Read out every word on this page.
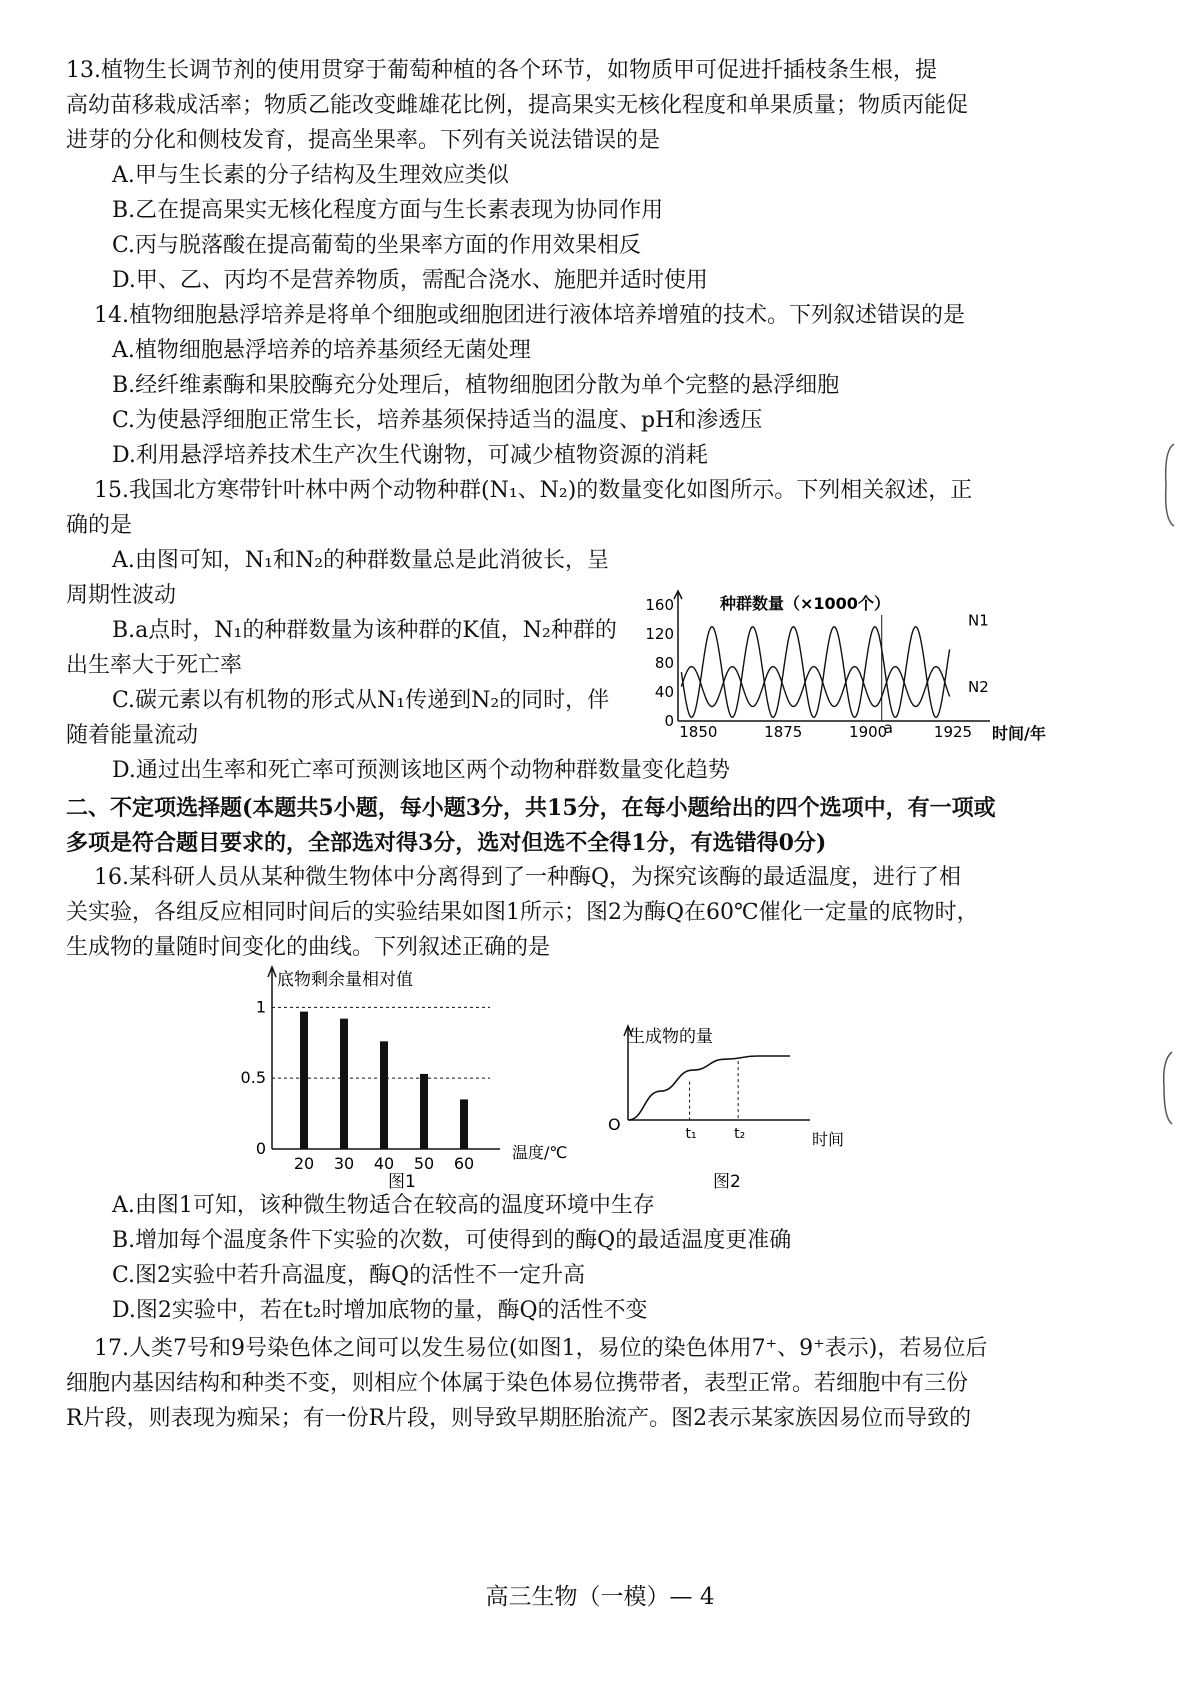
13.植物生长调节剂的使用贯穿于葡萄种植的各个环节，如物质甲可促进扦插枝条生根，提
高幼苗移栽成活率；物质乙能改变雌雄花比例，提高果实无核化程度和单果质量；物质丙能促
进芽的分化和侧枝发育，提高坐果率。下列有关说法错误的是
A.甲与生长素的分子结构及生理效应类似
B.乙在提高果实无核化程度方面与生长素表现为协同作用
C.丙与脱落酸在提高葡萄的坐果率方面的作用效果相反
D.甲、乙、丙均不是营养物质，需配合浇水、施肥并适时使用
14.植物细胞悬浮培养是将单个细胞或细胞团进行液体培养增殖的技术。下列叙述错误的是
A.植物细胞悬浮培养的培养基须经无菌处理
B.经纤维素酶和果胶酶充分处理后，植物细胞团分散为单个完整的悬浮细胞
C.为使悬浮细胞正常生长，培养基须保持适当的温度、pH和渗透压
D.利用悬浮培养技术生产次生代谢物，可减少植物资源的消耗
15.我国北方寒带针叶林中两个动物种群(N₁、N₂)的数量变化如图所示。下列相关叙述，正
确的是
A.由图可知，N₁和N₂的种群数量总是此消彼长，呈
周期性波动
B.a点时，N₁的种群数量为该种群的K值，N₂种群的
出生率大于死亡率
C.碳元素以有机物的形式从N₁传递到N₂的同时，伴
随着能量流动
D.通过出生率和死亡率可预测该地区两个动物种群数量变化趋势
0
40
80
120
160
1850	1875	1900	1925
种群数量（×1000个）
时间/年
a
N1
N2
二、不定项选择题(本题共5小题，每小题3分，共15分，在每小题给出的四个选项中，有一项或
多项是符合题目要求的，全部选对得3分，选对但选不全得1分，有选错得0分)
16.某科研人员从某种微生物体中分离得到了一种酶Q，为探究该酶的最适温度，进行了相
关实验，各组反应相同时间后的实验结果如图1所示；图2为酶Q在60℃催化一定量的底物时，
生成物的量随时间变化的曲线。下列叙述正确的是
0
0.5
1
20 30 40 50 60
底物剩余量相对值
温度/℃
图1
生成物的量
时间
O	t₁	t₂
图2
A.由图1可知，该种微生物适合在较高的温度环境中生存
B.增加每个温度条件下实验的次数，可使得到的酶Q的最适温度更准确
C.图2实验中若升高温度，酶Q的活性不一定升高
D.图2实验中，若在t₂时增加底物的量，酶Q的活性不变
17.人类7号和9号染色体之间可以发生易位(如图1，易位的染色体用7⁺、9⁺表示)，若易位后
细胞内基因结构和种类不变，则相应个体属于染色体易位携带者，表型正常。若细胞中有三份
R片段，则表现为痴呆；有一份R片段，则导致早期胚胎流产。图2表示某家族因易位而导致的
高三生物（一模）— 4
